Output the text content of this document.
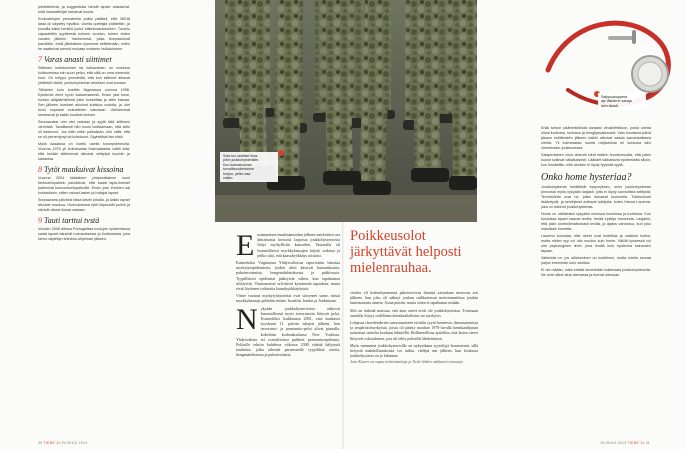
johdettelevia, ja suggestiolla herkät lapset vastasivat, mitä haastattelijat halusivat kuulla.

Kuulustelujen perusteella poliisi päätteli, että 360:tä lasta oli käytetty hyväksi. Useita opettajia pidätettiin, ja kuusilla kaksi henkilö joutui tutkintovankeuteen. Tuomio vapautettiin syytteestä kolmen vuoden, toinen viiden vuoden jälkeen. Vanhemmat, jotka tempautuivat paniikkiin, eivät jälkikäteen kyenneet selittämään, miten he saattoivat mennä mukaan moiseen hullutukseen.

7 Varas anasti siittimet

Siittimen kutistuminen tai katoaminen on monissa kulttuureissa niin suuri pelko, että sillä on oma nimensä: koro. On helppo ymmärtää, että kun siittimet alkavat yhtäkkiä hävitä, joukkohysterian ainekset ovat koossa.

Tällainen koro koettiin Nigeriassa vuonna 1996. Epidemia eteni hyvin kaavamaisesti. Ensin yksi tunsi, kuinka vääjäämätöntä jokin koskettaa ja siitin katoaa. Sen jälkeen kivekset alkoivat kutistua oudolla, ja uhri tunsi nopeasti sukuelinten katoavan. Uteliaimmat seurasivat ja kaikki kuulivat tarinan.

Seuraavaksi uhri etsi varkaan ja syytti tätä siittimen viennistä. Tavallisesti hän nousi todistamaan, että siitin oli kadonnut. Jos siitin olikin paikallaan, uhri väitti, että se oli pienentynyt tai kutistunut. Syytettävä itse kiisti.

Myös Aasiassa on koettu useita koroepidemioita. Vuonna 1976 yli kolmesataa thaimaalaista valitti siitä, että heidän siittimensä alkoivat vetäytyä kuumin ja sairastua.

8 Tytöt maukuivat kissoina

Vuonna 2004 intialainen yhdysvaltainen nuori tiedustelupalvelu pahoittivat, että sadat lapsi-ihmiset pakenivat kokoontumispaikoille. Ensin joku ihminen sai kohtauksen, sitten vahvat lasten ja hoitajat lapset.

Seuraavana päivänä kissa käveli pihalla, ja kaikki lapset alkoivat maukua. Hurmoksessa tytöt kiipesivät puihin ja kävivät oikeat kissat vastaan.

9 Tauti tarttui tvstä

Vuoden 2006 aikana Portugalissa koulujen epidemiassa sadat lapset kärsivät huimauksesta ja ihottumasta, joka kiersi näytettyn televisio-ohjelman jälkeen.

Sota luo otolliset ilma-
piirin joukkohysterialle.
Kun kansakunnan
turvallisuudentunne
horjuu, pelko saa
vallan.

Ensimmäisen maailmansodan jälkeen merkittävä osa länsimaisia kuvioita laajoista joukkohysterioista liittyi myrkyllisiin kaasuihin. Tautatulla oli luonnollisesti myrkkykaasujen käyttö sodassa ja pelko siitä, että kaasuhyökkäys toistuisi.

Esimerkiksi Virginiassa Yhdysvaltoissa raportoitiin lukuisia myrkytysepidemioita, joiden uhrit kärsivät huimauksesta, pahoinvoinnista, hengenahdistuksesta ja pääkivusta. Tyypillisesti epidemiat päättyivät siihen, kun tapahtumat selittyivät. Viranomaiset selvittivät kymmeniä tapauksia, mutta eivät löytäneet todisteita kaasuhyökkäyksistä.

Viime vuosina myrkytyshysteriat ovat siirtyneet sinne, missä myrkkykaasuja pelätään eniten: Israeliin, Iraniin ja Jordaniaan.

Nykyään joukkohysterioissa näkyvät huomiollisesti myös terrorismiin liittyvät pelot. Esimerkiksi loukkaussa 2001, vain kuukausi syyskuun 11. päivän iskujen jälkeen, kun terrorismi- ja pernarutto-pelot olivat pinnalla, kokeiltiin korkeakoulussa New Yorkissa. Yhdysvaltain eri osavaltioissa puhkesi pernaruttoepidemia. Poliisille tehtiin kahdessa viikossa 2300 väärää hälytystä tauduista, jotka aiheutti pernarutolle tyypillisiä oireita, hengenahdistusta ja pahoinvointia.

Poikkeusolot
järkyttävät helposti
mielenrauhaa.

viettiin yli kolmekymmentä pahoinvoivaa ihmistä sairaalaan metrossa sen jälkeen, kun joku oli nähnyt jonkun suihkuttavan metrotunnelissa jotakin tuntematonta ainetta. Asiaa puitiin, mutta sitten ei tapahtunut mitään.

Silti on tärkeää muistaa, että aina oireet eivät ole joukkohysteriaa. Toisinaan taustalla löytyy todellinen kemikaalialtistus tai myrkytys.

Lohjassa cheerleaderien sairastumiseen etsittiin syytä homeesta, ilmansaasteista ja ympäristömyrkyistä, joista oli päästy maahan 1970-luvulla kemikaalijunan suistuttua raiteilta kouluun lähistöllä. Hollinesellissa ajateltiin, että lasten oireet liittyivät rokotukseen, jota oli tehty poliisille lähdettäessä.

Myös menneinä joukkohysterioille on nykyaikana syyteltyjä homesieniä, sillä tietyistä mahdollisuuksista voi tutkia, vieläpä sen jälkeen, kun koulussa joukkohysteria on jo lakannut.

Jussi Kaarre on vapaa tiedetoimittaja ja Tiede-lehden vakituinen avustaja.

Saippuakuppera
aje läkkärrin sakaja
laim-ilsiadi.

Erää seison päähenkilöistä saraatui virusinfektioon, jonka oireita olivat ihottuma, huimaus ja hengitysvaikeudet. Vain muutama päivä jäsaon esittämisen jälkeen kaikki alkoivat saada samankaltaisia oireita. Yli kolmesataa nuorta neljästoista eri koulusta kävi cheerleader-joukkueessa.

Salapertainen virus aiheutti siinä määrin levottomuutta, että jotkin koulut sulkivat väliaikaisesti. Lääkärit katkaisivat epidemialta silloin, kun ilmoitettiin, että oireisiin ei löydy fyysistä syytä.

Onko home hysteriaa?

Joukkohysteriat herättävät kysymyksen, onko joukkohysterian pinnoista myös nykyään laajasti, joita ei löydy kunnollista selitystä. Tervetulleita ovat ne, jotka haluavat kuunnella. Tutkimukset lisääntyvät, ja selvitykset auttavat tutkijoita, kuten Hanna Lauerna, joka on tutkinut joukkohysteriaa.

Home on nähtävästi nykyään monissa kouluissa ja kodeissa. Kun kouluissa lapset saavat oireita, herää epäilys homeesta. Laajakin, että jokin kontrollimattomasti leviää, ja ajatus vahvistuu, kun joku mainitsee hometta.

Lauerna korostaa, että oireet ovat todellisia ja vaativat hoitoa, mutta niiden syy voi olla muukin kuin home. Välillä kyseessä voi olla psykologinen ilmiö, joka leviää kuin epidemia sairauden tapaan.

Vaikeinta on, jos altistuminen on todellinen, mutta oireita seuraa paljon enemmän kuin odottaa.

Ei ole mitään, mikä estäisi kenenkään tutkimasta joukkohysterioita. Ne ovat olleet aina olemassa ja tulevat olemaan.

30 TIEDE 11 ELOKUU 2013	ELOKUU 2013 TIEDE 11 31
